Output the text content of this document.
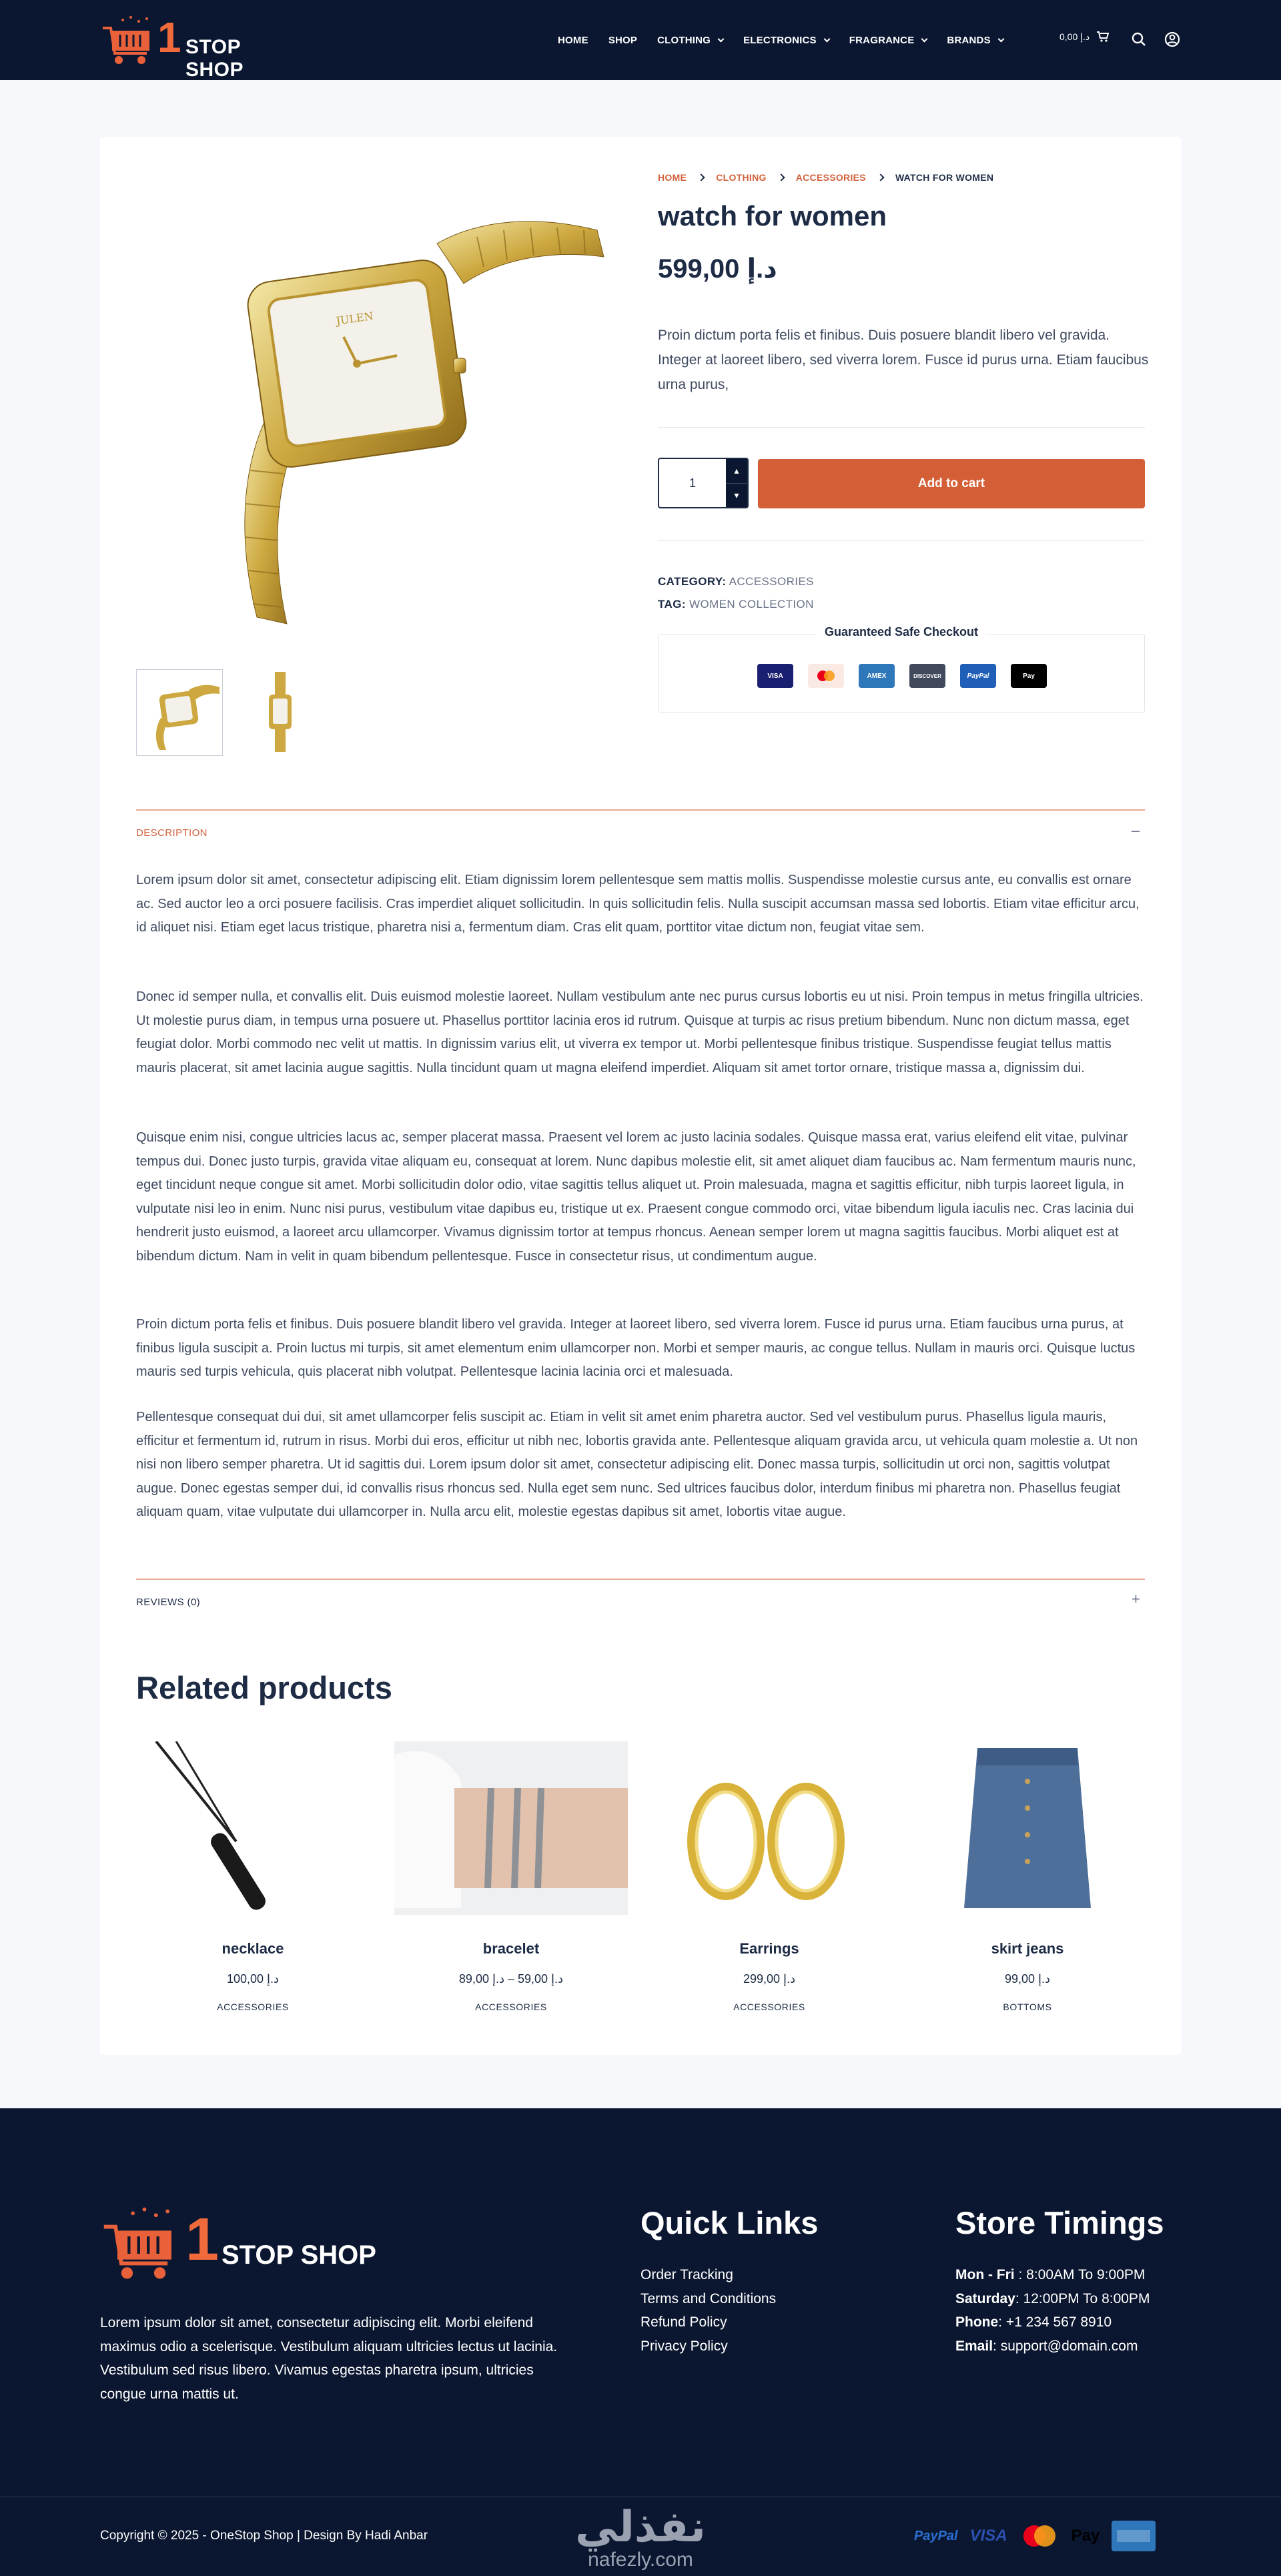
1 STOP SHOP
HOME SHOP CLOTHING	ELECTRONICS	FRAGRANCE	BRANDS	د.إ 0,00
JULEN
HOME	CLOTHING	ACCESSORIES	WATCH FOR WOMEN
watch for women
د.إ 599,00

Proin dictum porta felis et finibus. Duis posuere blandit libero vel gravida. Integer at laoreet libero, sed viverra lorem. Fusce id purus urna. Etiam faucibus urna purus,

1
▴
▾
Add to cart
CATEGORY: ACCESSORIES
TAG: WOMEN COLLECTION
Guaranteed Safe Checkout
VISA	AMEX	DISCOVER	PayPal	Pay
DESCRIPTION	–

Lorem ipsum dolor sit amet, consectetur adipiscing elit. Etiam dignissim lorem pellentesque sem mattis mollis. Suspendisse molestie cursus ante, eu convallis est ornare ac. Sed auctor leo a orci posuere facilisis. Cras imperdiet aliquet sollicitudin. In quis sollicitudin felis. Nulla suscipit accumsan massa sed lobortis. Etiam vitae efficitur arcu, id aliquet nisi. Etiam eget lacus tristique, pharetra nisi a, fermentum diam. Cras elit quam, porttitor vitae dictum non, feugiat vitae sem.

Donec id semper nulla, et convallis elit. Duis euismod molestie laoreet. Nullam vestibulum ante nec purus cursus lobortis eu ut nisi. Proin tempus in metus fringilla ultricies. Ut molestie purus diam, in tempus urna posuere ut. Phasellus porttitor lacinia eros id rutrum. Quisque at turpis ac risus pretium bibendum. Nunc non dictum massa, eget feugiat dolor. Morbi commodo nec velit ut mattis. In dignissim varius elit, ut viverra ex tempor ut. Morbi pellentesque finibus tristique. Suspendisse feugiat tellus mattis mauris placerat, sit amet lacinia augue sagittis. Nulla tincidunt quam ut magna eleifend imperdiet. Aliquam sit amet tortor ornare, tristique massa a, dignissim dui.

Quisque enim nisi, congue ultricies lacus ac, semper placerat massa. Praesent vel lorem ac justo lacinia sodales. Quisque massa erat, varius eleifend elit vitae, pulvinar tempus dui. Donec justo turpis, gravida vitae aliquam eu, consequat at lorem. Nunc dapibus molestie elit, sit amet aliquet diam faucibus ac. Nam fermentum mauris nunc, eget tincidunt neque congue sit amet. Morbi sollicitudin dolor odio, vitae sagittis tellus aliquet ut. Proin malesuada, magna et sagittis efficitur, nibh turpis laoreet ligula, in vulputate nisi leo in enim. Nunc nisi purus, vestibulum vitae dapibus eu, tristique ut ex. Praesent congue commodo orci, vitae bibendum ligula iaculis nec. Cras lacinia dui hendrerit justo euismod, a laoreet arcu ullamcorper. Vivamus dignissim tortor at tempus rhoncus. Aenean semper lorem ut magna sagittis faucibus. Morbi aliquet est at bibendum dictum. Nam in velit in quam bibendum pellentesque. Fusce in consectetur risus, ut condimentum augue.

Proin dictum porta felis et finibus. Duis posuere blandit libero vel gravida. Integer at laoreet libero, sed viverra lorem. Fusce id purus urna. Etiam faucibus urna purus, at finibus ligula suscipit a. Proin luctus mi turpis, sit amet elementum enim ullamcorper non. Morbi et semper mauris, ac congue tellus. Nullam in mauris orci. Quisque luctus mauris sed turpis vehicula, quis placerat nibh volutpat. Pellentesque lacinia lacinia orci et malesuada.

Pellentesque consequat dui dui, sit amet ullamcorper felis suscipit ac. Etiam in velit sit amet enim pharetra auctor. Sed vel vestibulum purus. Phasellus ligula mauris, efficitur et fermentum id, rutrum in risus. Morbi dui eros, efficitur ut nibh nec, lobortis gravida ante. Pellentesque aliquam gravida arcu, ut vehicula quam molestie a. Ut non nisi non libero semper pharetra. Ut id sagittis dui. Lorem ipsum dolor sit amet, consectetur adipiscing elit. Donec massa turpis, sollicitudin ut orci non, sagittis volutpat augue. Donec egestas semper dui, id convallis risus rhoncus sed. Nulla eget sem nunc. Sed ultrices faucibus dolor, interdum finibus mi pharetra non. Phasellus feugiat aliquam quam, vitae vulputate dui ullamcorper in. Nulla arcu elit, molestie egestas dapibus sit amet, lobortis vitae augue.

REVIEWS (0)	+
Related products
necklace
د.إ 100,00
ACCESSORIES
bracelet
د.إ 59,00 – د.إ 89,00
ACCESSORIES
Earrings
د.إ 299,00
ACCESSORIES
skirt jeans
د.إ 99,00
BOTTOMS
1 STOP SHOP

Lorem ipsum dolor sit amet, consectetur adipiscing elit. Morbi eleifend maximus odio a scelerisque. Vestibulum aliquam ultricies lectus ut lacinia. Vestibulum sed risus libero. Vivamus egestas pharetra ipsum, ultricies congue urna mattis ut.

Quick Links
Order Tracking
Terms and Conditions
Refund Policy
Privacy Policy
Store Timings
Mon - Fri : 8:00AM To 9:00PM
Saturday: 12:00PM To 8:00PM
Phone: +1 234 567 8910
Email: support@domain.com
Copyright © 2025 - OneStop Shop | Design By Hadi Anbar	نفذلي
nafezly.com
PayPal VISA	Pay
